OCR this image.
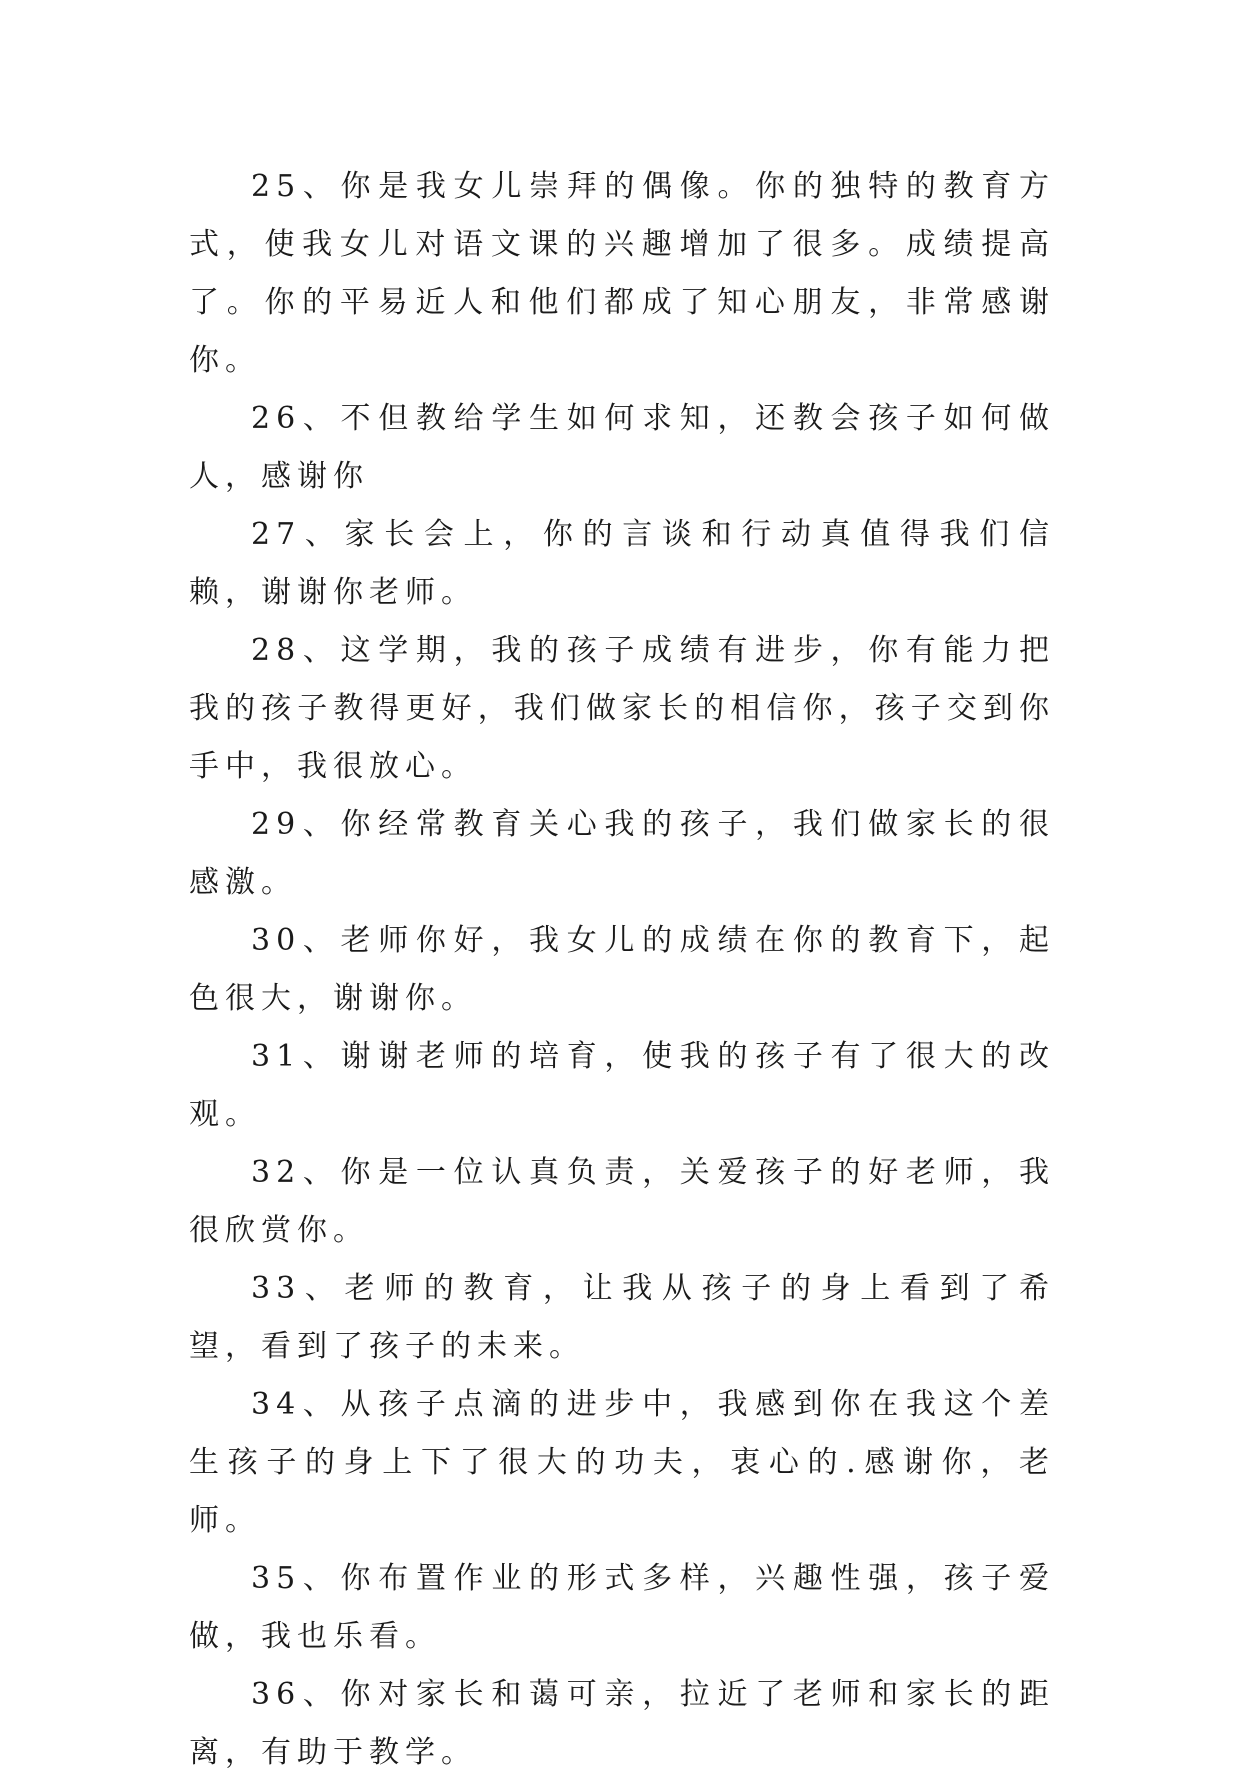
25、你是我女儿崇拜的偶像。你的独特的教育方式，使我女儿对语文课的兴趣增加了很多。成绩提高了。你的平易近人和他们都成了知心朋友，非常感谢你。

26、不但教给学生如何求知，还教会孩子如何做人，感谢你

27、家长会上，你的言谈和行动真值得我们信赖，谢谢你老师。

28、这学期，我的孩子成绩有进步，你有能力把我的孩子教得更好，我们做家长的相信你，孩子交到你手中，我很放心。

29、你经常教育关心我的孩子，我们做家长的很感激。

30、老师你好，我女儿的成绩在你的教育下，起色很大，谢谢你。

31、谢谢老师的培育，使我的孩子有了很大的改观。

32、你是一位认真负责，关爱孩子的好老师，我很欣赏你。

33、老师的教育，让我从孩子的身上看到了希望，看到了孩子的未来。

34、从孩子点滴的进步中，我感到你在我这个差生孩子的身上下了很大的功夫，衷心的.感谢你，老师。

35、你布置作业的形式多样，兴趣性强，孩子爱做，我也乐看。

36、你对家长和蔼可亲，拉近了老师和家长的距离，有助于教学。
